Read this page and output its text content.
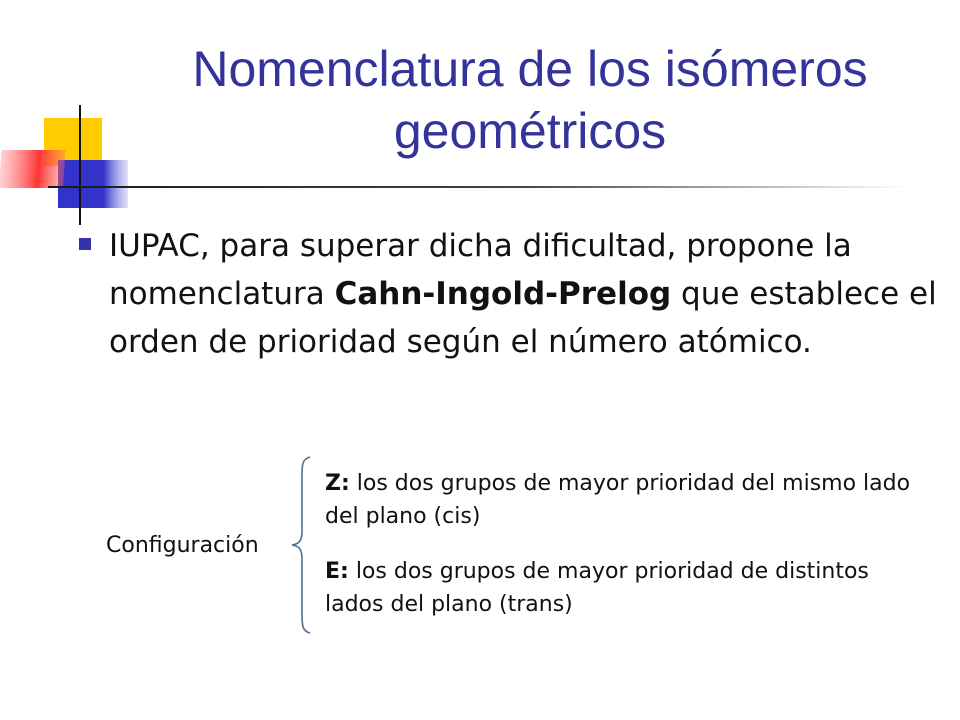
Nomenclatura de los isómeros geométricos
IUPAC, para superar dicha dificultad, propone la nomenclatura Cahn-Ingold-Prelog que establece el orden de prioridad según el número atómico.
Configuración
Z: los dos grupos de mayor prioridad del mismo lado del plano (cis)
E: los dos grupos de mayor prioridad de distintos lados del plano (trans)
